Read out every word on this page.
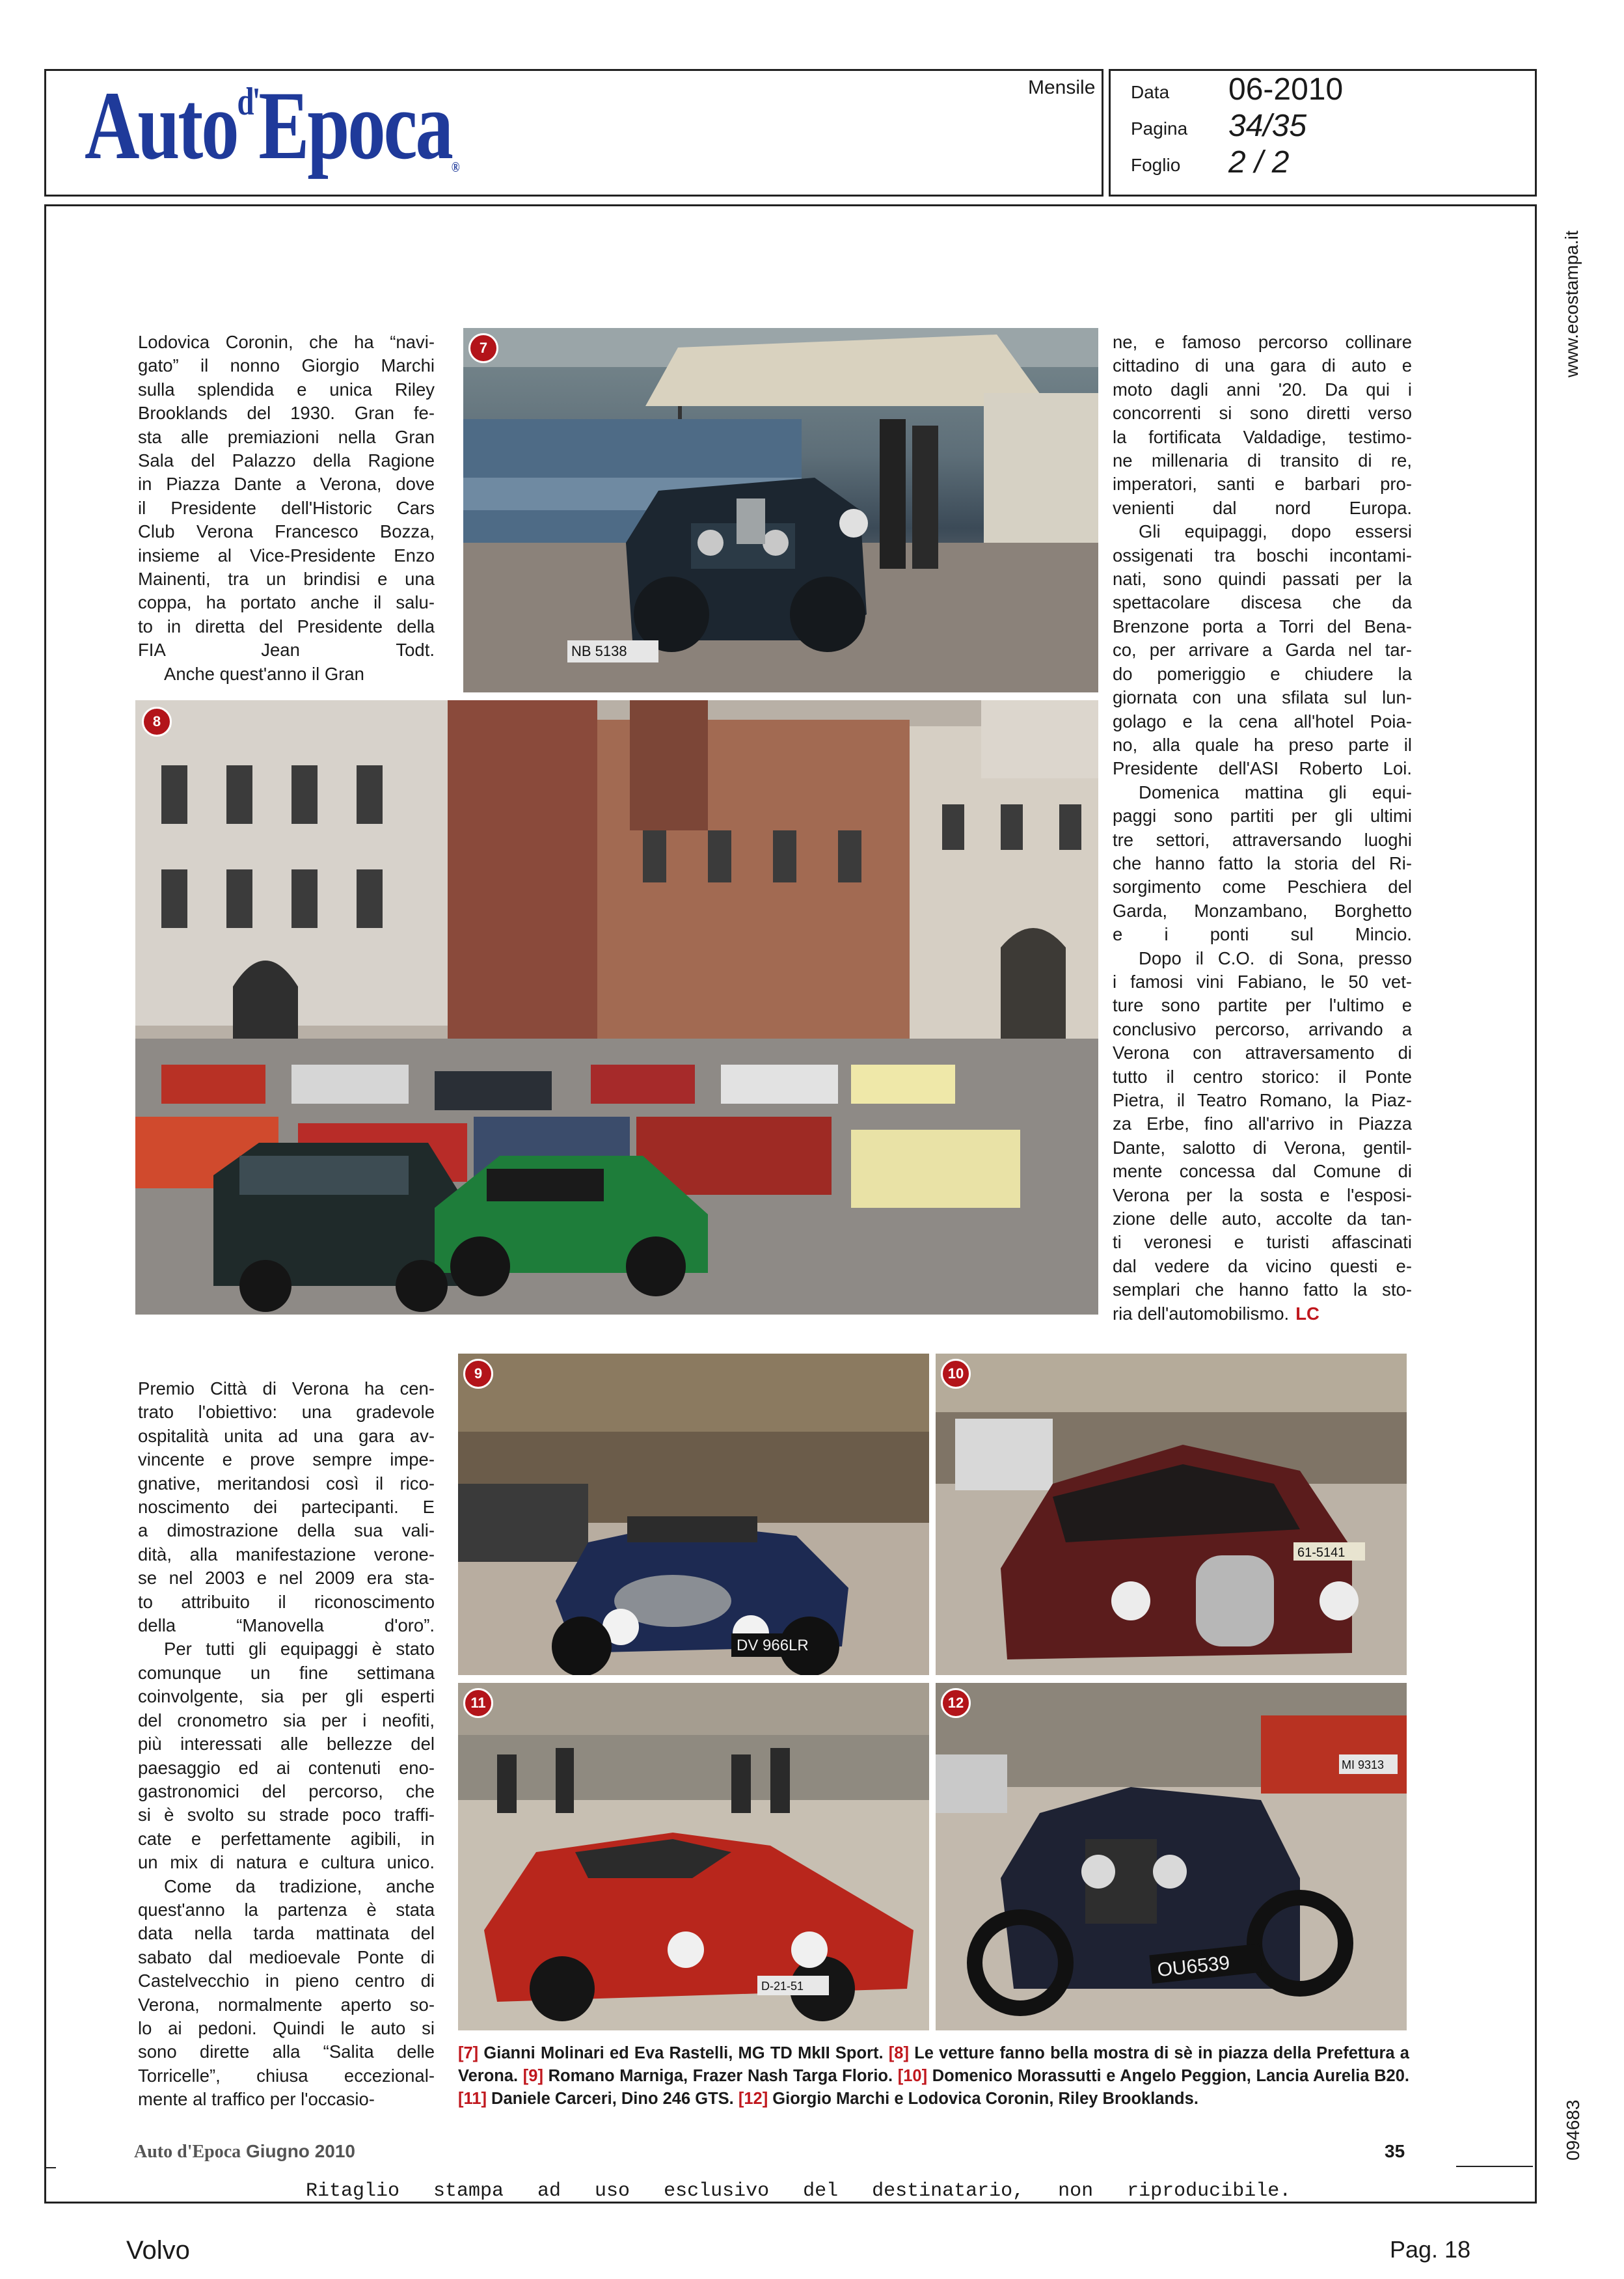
Auto$^{d'}$Epoca®
Mensile Data 06-2010
Pagina 34/35
Foglio 2 / 2
www.ecostampa.it
094683
Lodovica Coronin, che ha “navi-
gato” il nonno Giorgio Marchi
sulla splendida e unica Riley
Brooklands del 1930. Gran fe-
sta alle premiazioni nella Gran
Sala del Palazzo della Ragione
in Piazza Dante a Verona, dove
il Presidente dell'Historic Cars
Club Verona Francesco Bozza,
insieme al Vice-Presidente Enzo
Mainenti, tra un brindisi e una
coppa, ha portato anche il salu-
to in diretta del Presidente della
FIA Jean Todt.
Anche quest'anno il Gran
ne, e famoso percorso collinare
cittadino di una gara di auto e
moto dagli anni '20. Da qui i
concorrenti si sono diretti verso
la fortificata Valdadige, testimo-
ne millenaria di transito di re,
imperatori, santi e barbari pro-
venienti dal nord Europa.
Gli equipaggi, dopo essersi
ossigenati tra boschi incontami-
nati, sono quindi passati per la
spettacolare discesa che da
Brenzone porta a Torri del Bena-
co, per arrivare a Garda nel tar-
do pomeriggio e chiudere la
giornata con una sfilata sul lun-
golago e la cena all'hotel Poia-
no, alla quale ha preso parte il
Presidente dell'ASI Roberto Loi.
Domenica mattina gli equi-
paggi sono partiti per gli ultimi
tre settori, attraversando luoghi
che hanno fatto la storia del Ri-
sorgimento come Peschiera del
Garda, Monzambano, Borghetto
e i ponti sul Mincio.
Dopo il C.O. di Sona, presso
i famosi vini Fabiano, le 50 vet-
ture sono partite per l'ultimo e
conclusivo percorso, arrivando a
Verona con attraversamento di
tutto il centro storico: il Ponte
Pietra, il Teatro Romano, la Piaz-
za Erbe, fino all'arrivo in Piazza
Dante, salotto di Verona, gentil-
mente concessa dal Comune di
Verona per la sosta e l'esposi-
zione delle auto, accolte da tan-
ti veronesi e turisti affascinati
dal vedere da vicino questi e-
semplari che hanno fatto la sto-
ria dell'automobilismo. LC
Premio Città di Verona ha cen-
trato l'obiettivo: una gradevole
ospitalità unita ad una gara av-
vincente e prove sempre impe-
gnative, meritandosi così il rico-
noscimento dei partecipanti. E
a dimostrazione della sua vali-
dità, alla manifestazione verone-
se nel 2003 e nel 2009 era sta-
to attribuito il riconoscimento
della “Manovella d'oro”.
Per tutti gli equipaggi è stato
comunque un fine settimana
coinvolgente, sia per gli esperti
del cronometro sia per i neofiti,
più interessati alle bellezze del
paesaggio ed ai contenuti eno-
gastronomici del percorso, che
si è svolto su strade poco traffi-
cate e perfettamente agibili, in
un mix di natura e cultura unico.
Come da tradizione, anche
quest'anno la partenza è stata
data nella tarda mattinata del
sabato dal medioevale Ponte di
Castelvecchio in pieno centro di
Verona, normalmente aperto so-
lo ai pedoni. Quindi le auto si
sono dirette alla “Salita delle
Torricelle”, chiusa eccezional-
mente al traffico per l'occasio-
NB 5138
7
8
DV 966LR
9
61-5141
10
D-21-51
11
MI 9313
OU6539
12
[7] Gianni Molinari ed Eva Rastelli, MG TD MkII Sport. [8] Le vetture fanno bella mostra di sè in piazza della Prefettura a Verona. [9] Romano Marniga, Frazer Nash Targa Florio. [10] Domenico Morassutti e Angelo Peggion, Lancia Aurelia B20. [11] Daniele Carceri, Dino 246 GTS. [12] Giorgio Marchi e Lodovica Coronin, Riley Brooklands.
Auto d'Epoca Giugno 2010	35
Ritaglio stampa ad uso esclusivo del destinatario, non riproducibile.
Volvo	Pag. 18
